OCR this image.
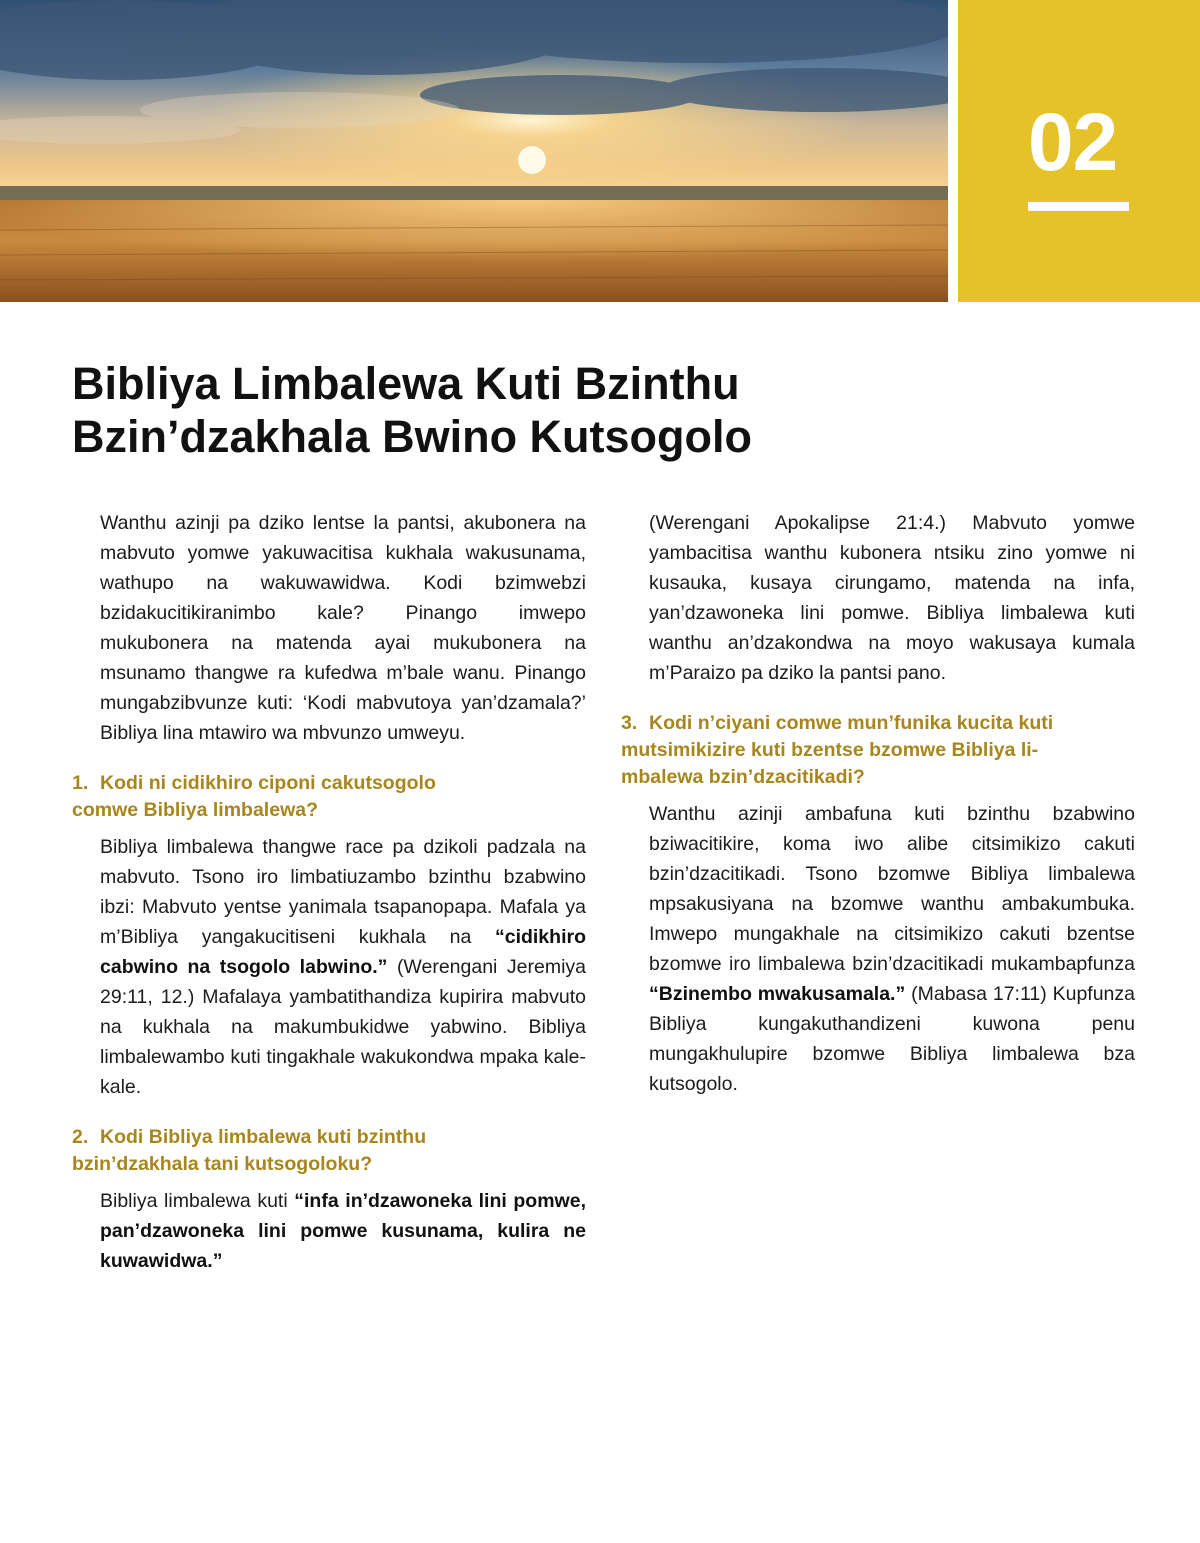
02
Bibliya Limbalewa Kuti Bzinthu
Bzin’dzakhala Bwino Kutsogolo

Wanthu azinji pa dziko lentse la pantsi, akubonera na mabvuto yomwe yakuwacitisa kukhala wakusunama, wathupo na wakuwawidwa. Kodi bzimwebzi bzidakucitikiranimbo kale? Pinango imwepo mukubonera na matenda ayai mukubonera na msunamo thangwe ra kufedwa m’bale wanu. Pinango mungabzibvunze kuti: ‘Kodi mabvutoya yan’dzamala?’ Bibliya lina mtawiro wa mbvunzo umweyu.

1. Kodi ni cidikhiro ciponi cakutsogolo
comwe Bibliya limbalewa?

Bibliya limbalewa thangwe race pa dzikoli padzala na mabvuto. Tsono iro limbatiuzambo bzinthu bzabwino ibzi: Mabvuto yentse yanimala tsapanopapa. Mafala ya m’Bibliya yangakucitiseni kukhala na “cidikhiro cabwino na tsogolo labwino.” (Werengani Jeremiya 29:11, 12.) Mafalaya yambatithandiza kupirira mabvuto na kukhala na makumbukidwe yabwino. Bibliya limbalewambo kuti tingakhale wakukondwa mpaka kale-kale.

2. Kodi Bibliya limbalewa kuti bzinthu
bzin’dzakhala tani kutsogoloku?

Bibliya limbalewa kuti “infa in’dzawoneka lini pomwe, pan’dzawoneka lini pomwe kusunama, kulira ne kuwawidwa.”

(Werengani Apokalipse 21:4.) Mabvuto yomwe yambacitisa wanthu kubonera ntsiku zino yomwe ni kusauka, kusaya cirungamo, matenda na infa, yan’dzawoneka lini pomwe. Bibliya limbalewa kuti wanthu an’dzakondwa na moyo wakusaya kumala m’Paraizo pa dziko la pantsi pano.

3. Kodi n’ciyani comwe mun’funika kucita kuti
mutsimikizire kuti bzentse bzomwe Bibliya li-
mbalewa bzin’dzacitikadi?

Wanthu azinji ambafuna kuti bzinthu bzabwino bziwacitikire, koma iwo alibe citsimikizo cakuti bzin’dzacitikadi. Tsono bzomwe Bibliya limbalewa mpsakusiyana na bzomwe wanthu ambakumbuka. Imwepo mungakhale na citsimikizo cakuti bzentse bzomwe iro limbalewa bzin’dzacitikadi mukambapfunza “Bzinembo mwakusamala.” (Mabasa 17:11) Kupfunza Bibliya kungakuthandizeni kuwona penu mungakhulupire bzomwe Bibliya limbalewa bza kutsogolo.
